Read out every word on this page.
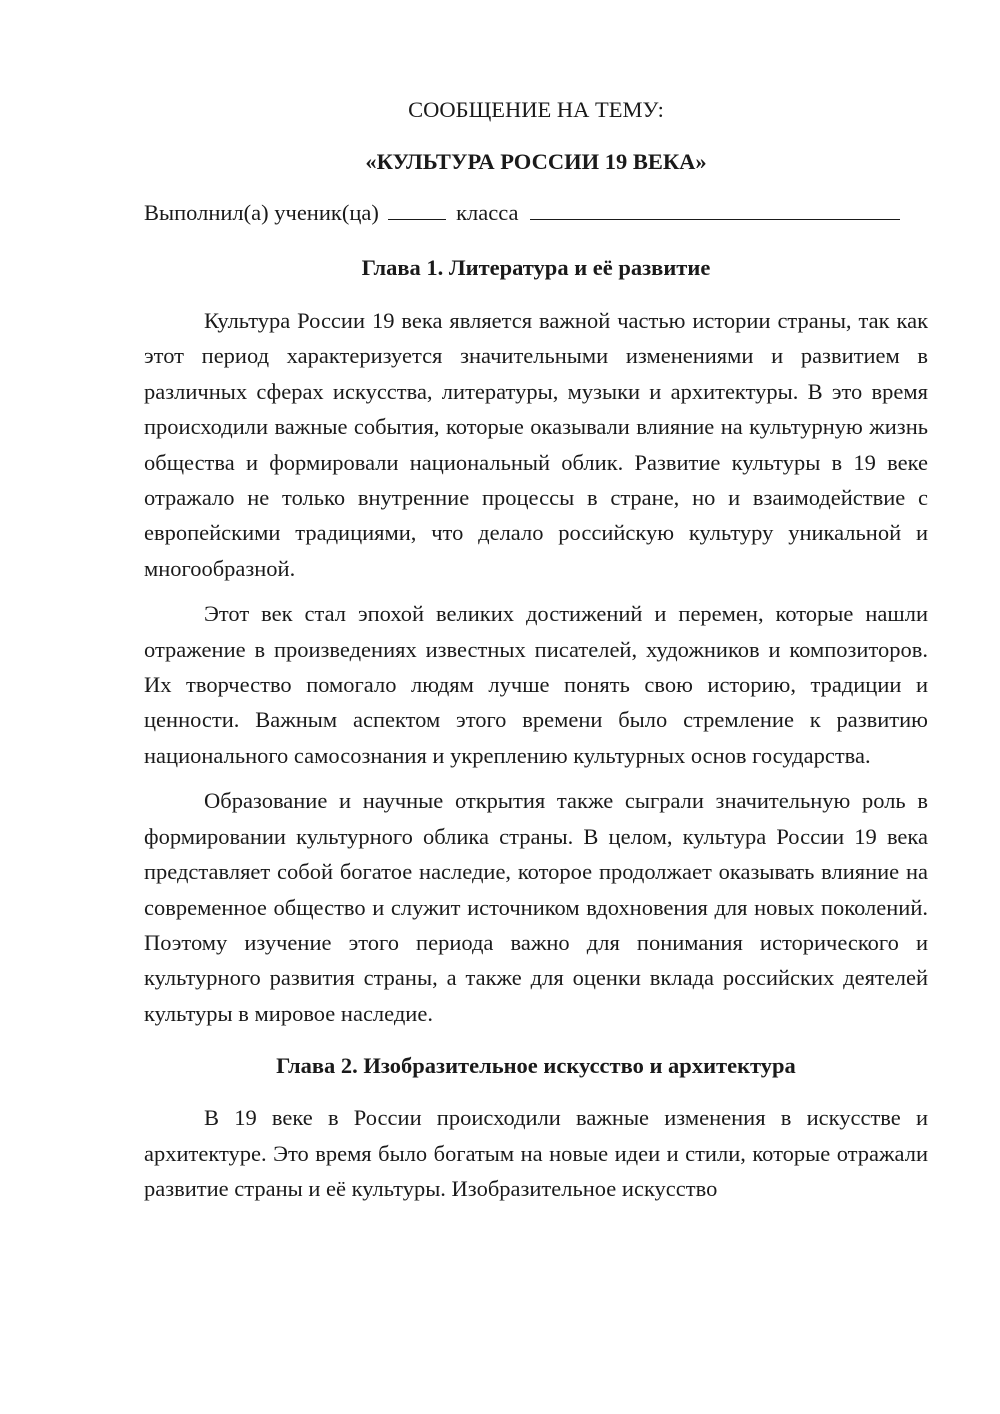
СООБЩЕНИЕ НА ТЕМУ:
«КУЛЬТУРА РОССИИ 19 ВЕКА»
Выполнил(а) ученик(ца)	класса
Глава 1. Литература и её развитие

Культура России 19 века является важной частью истории страны, так как этот период характеризуется значительными изменениями и развитием в различных сферах искусства, литературы, музыки и архитектуры. В это время происходили важные события, которые оказывали влияние на культурную жизнь общества и формировали национальный облик. Развитие культуры в 19 веке отражало не только внутренние процессы в стране, но и взаимодействие с европейскими традициями, что делало российскую культуру уникальной и многообразной.

Этот век стал эпохой великих достижений и перемен, которые нашли отражение в произведениях известных писателей, художников и композиторов. Их творчество помогало людям лучше понять свою историю, традиции и ценности. Важным аспектом этого времени было стремление к развитию национального самосознания и укреплению культурных основ государства.

Образование и научные открытия также сыграли значительную роль в формировании культурного облика страны. В целом, культура России 19 века представляет собой богатое наследие, которое продолжает оказывать влияние на современное общество и служит источником вдохновения для новых поколений. Поэтому изучение этого периода важно для понимания исторического и культурного развития страны, а также для оценки вклада российских деятелей культуры в мировое наследие.

Глава 2. Изобразительное искусство и архитектура

В 19 веке в России происходили важные изменения в искусстве и архитектуре. Это время было богатым на новые идеи и стили, которые отражали развитие страны и её культуры. Изобразительное искусство
